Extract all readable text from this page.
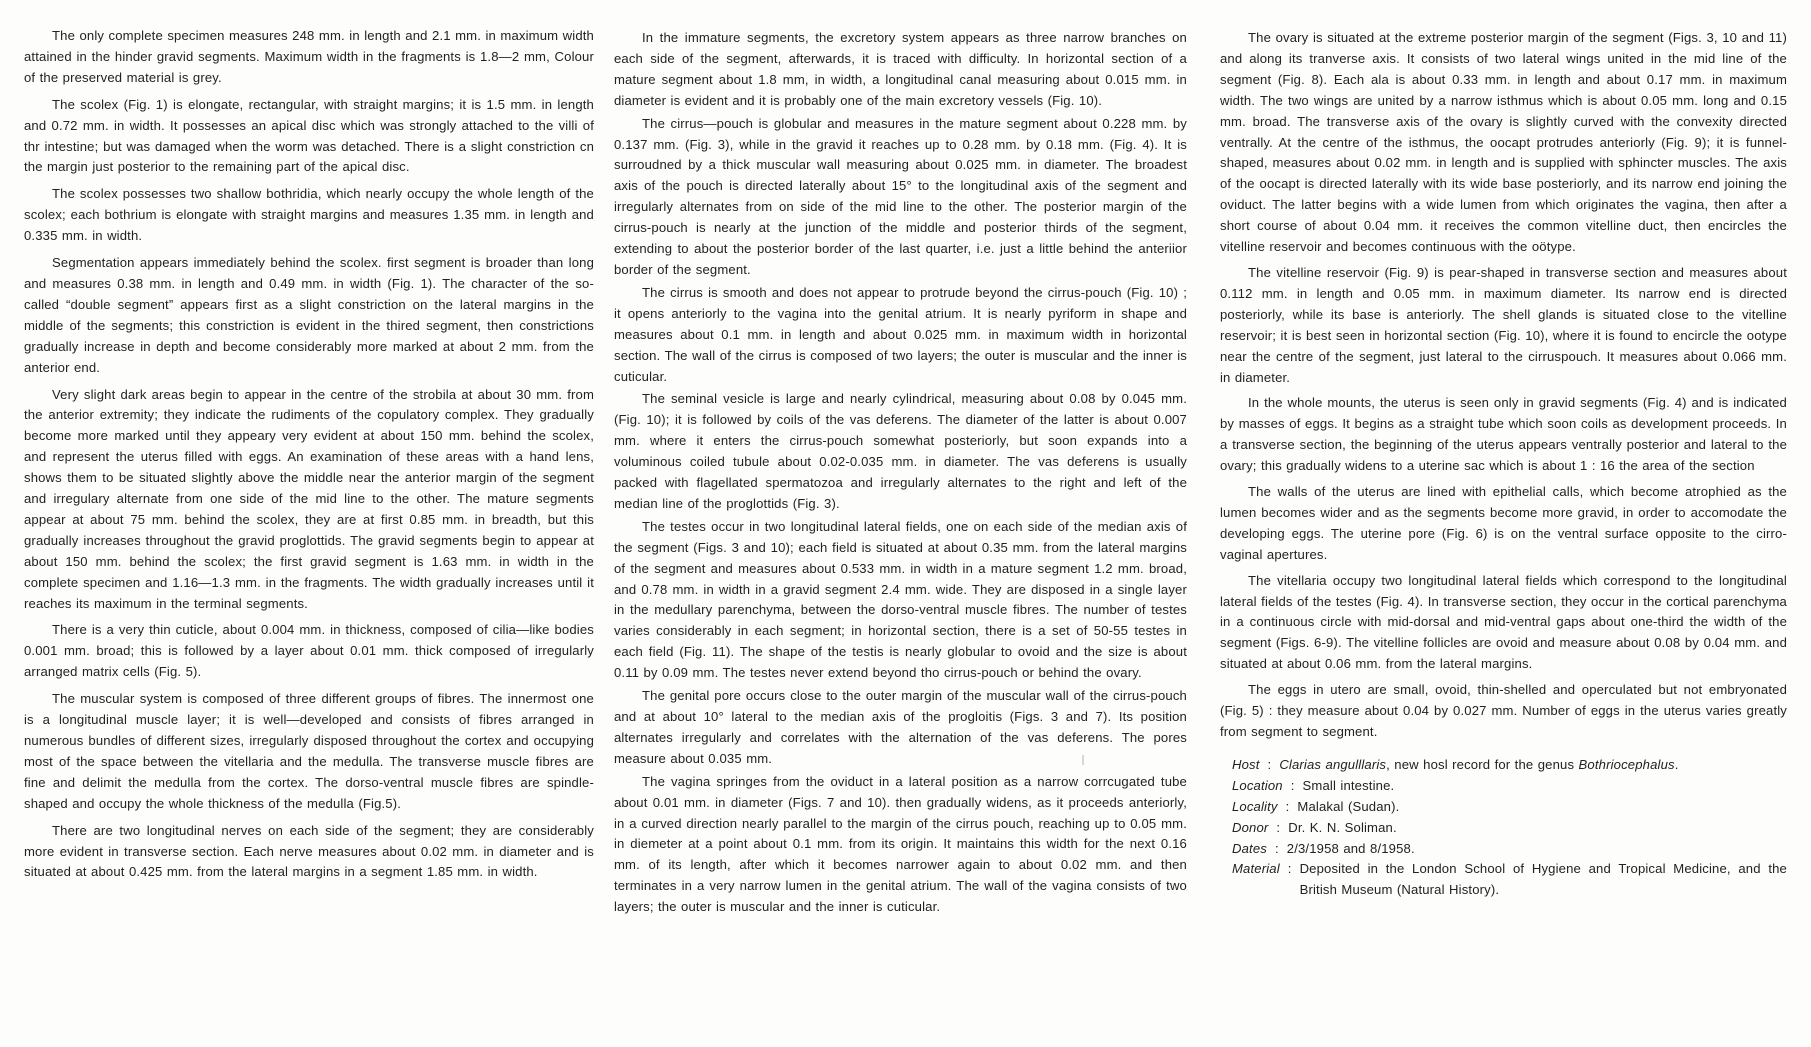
The only complete specimen measures 248 mm. in length and 2.1 mm. in maximum width attained in the hinder gravid segments. Maximum width in the fragments is 1.8—2 mm, Colour of the preserved material is grey.

The scolex (Fig. 1) is elongate, rectangular, with straight margins; it is 1.5 mm. in length and 0.72 mm. in width. It possesses an apical disc which was strongly attached to the villi of thr intestine; but was damaged when the worm was detached. There is a slight constriction cn the margin just posterior to the remaining part of the apical disc.

The scolex possesses two shallow bothridia, which nearly occupy the whole length of the scolex; each bothrium is elongate with straight margins and measures 1.35 mm. in length and 0.335 mm. in width.

Segmentation appears immediately behind the scolex. first segment is broader than long and measures 0.38 mm. in length and 0.49 mm. in width (Fig. 1). The character of the so-called “double segment” appears first as a slight constriction on the lateral margins in the middle of the segments; this constriction is evident in the thired segment, then constrictions gradually increase in depth and become considerably more marked at about 2 mm. from the anterior end.

Very slight dark areas begin to appear in the centre of the strobila at about 30 mm. from the anterior extremity; they indicate the rudiments of the copulatory complex. They gradually become more marked until they appeary very evident at about 150 mm. behind the scolex, and represent the uterus filled with eggs. An examination of these areas with a hand lens, shows them to be situated slightly above the middle near the anterior margin of the segment and irregulary alternate from one side of the mid line to the other. The mature segments appear at about 75 mm. behind the scolex, they are at first 0.85 mm. in breadth, but this gradually increases throughout the gravid proglottids. The gravid segments begin to appear at about 150 mm. behind the scolex; the first gravid segment is 1.63 mm. in width in the complete specimen and 1.16—1.3 mm. in the fragments. The width gradually increases until it reaches its maximum in the terminal segments.

There is a very thin cuticle, about 0.004 mm. in thickness, composed of cilia—like bodies 0.001 mm. broad; this is followed by a layer about 0.01 mm. thick composed of irregularly arranged matrix cells (Fig. 5).

The muscular system is composed of three different groups of fibres. The innermost one is a longitudinal muscle layer; it is well—developed and consists of fibres arranged in numerous bundles of different sizes, irregularly disposed throughout the cortex and occupying most of the space between the vitellaria and the medulla. The transverse muscle fibres are fine and delimit the medulla from the cortex. The dorso-ventral muscle fibres are spindle-shaped and occupy the whole thickness of the medulla (Fig.5).

There are two longitudinal nerves on each side of the segment; they are considerably more evident in transverse section. Each nerve measures about 0.02 mm. in diameter and is situated at about 0.425 mm. from the lateral margins in a segment 1.85 mm. in width.

In the immature segments, the excretory system appears as three narrow branches on each side of the segment, afterwards, it is traced with difficulty. In horizontal section of a mature segment about 1.8 mm, in width, a longitudinal canal measuring about 0.015 mm. in diameter is evident and it is probably one of the main excretory vessels (Fig. 10).

The cirrus—pouch is globular and measures in the mature segment about 0.228 mm. by 0.137 mm. (Fig. 3), while in the gravid it reaches up to 0.28 mm. by 0.18 mm. (Fig. 4). It is surroudned by a thick muscular wall measuring about 0.025 mm. in diameter. The broadest axis of the pouch is directed laterally about 15° to the longitudinal axis of the segment and irregularly alternates from on side of the mid line to the other. The posterior margin of the cirrus-pouch is nearly at the junction of the middle and posterior thirds of the segment, extending to about the posterior border of the last quarter, i.e. just a little behind the anteriior border of the segment.

The cirrus is smooth and does not appear to protrude beyond the cirrus-pouch (Fig. 10) ; it opens anteriorly to the vagina into the genital atrium. It is nearly pyriform in shape and measures about 0.1 mm. in length and about 0.025 mm. in maximum width in horizontal section. The wall of the cirrus is composed of two layers; the outer is muscular and the inner is cuticular.

The seminal vesicle is large and nearly cylindrical, measuring about 0.08 by 0.045 mm. (Fig. 10); it is followed by coils of the vas deferens. The diameter of the latter is about 0.007 mm. where it enters the cirrus-pouch somewhat posteriorly, but soon expands into a voluminous coiled tubule about 0.02-0.035 mm. in diameter. The vas deferens is usually packed with flagellated spermatozoa and irregularly alternates to the right and left of the median line of the proglottids (Fig. 3).

The testes occur in two longitudinal lateral fields, one on each side of the median axis of the segment (Figs. 3 and 10); each field is situated at about 0.35 mm. from the lateral margins of the segment and measures about 0.533 mm. in width in a mature segment 1.2 mm. broad, and 0.78 mm. in width in a gravid segment 2.4 mm. wide. They are disposed in a single layer in the medullary parenchyma, between the dorso-ventral muscle fibres. The number of testes varies considerably in each segment; in horizontal section, there is a set of 50-55 testes in each field (Fig. 11). The shape of the testis is nearly globular to ovoid and the size is about 0.11 by 0.09 mm. The testes never extend beyond tho cirrus-pouch or behind the ovary.

The genital pore occurs close to the outer margin of the muscular wall of the cirrus-pouch and at about 10° lateral to the median axis of the progloitis (Figs. 3 and 7). Its position alternates irregularly and correlates with the alternation of the vas deferens. The pores measure about 0.035 mm.

The vagina springes from the oviduct in a lateral position as a narrow corrcugated tube about 0.01 mm. in diameter (Figs. 7 and 10). then gradually widens, as it proceeds anteriorly, in a curved direction nearly parallel to the margin of the cirrus pouch, reaching up to 0.05 mm. in diemeter at a point about 0.1 mm. from its origin. It maintains this width for the next 0.16 mm. of its length, after which it becomes narrower again to about 0.02 mm. and then terminates in a very narrow lumen in the genital atrium. The wall of the vagina consists of two layers; the outer is muscular and the inner is cuticular.

The ovary is situated at the extreme posterior margin of the segment (Figs. 3, 10 and 11) and along its tranverse axis. It consists of two lateral wings united in the mid line of the segment (Fig. 8). Each ala is about 0.33 mm. in length and about 0.17 mm. in maximum width. The two wings are united by a narrow isthmus which is about 0.05 mm. long and 0.15 mm. broad. The transverse axis of the ovary is slightly curved with the convexity directed ventrally. At the centre of the isthmus, the oocapt protrudes anteriorly (Fig. 9); it is funnel-shaped, measures about 0.02 mm. in length and is supplied with sphincter muscles. The axis of the oocapt is directed laterally with its wide base posteriorly, and its narrow end joining the oviduct. The latter begins with a wide lumen from which originates the vagina, then after a short course of about 0.04 mm. it receives the common vitelline duct, then encircles the vitelline reservoir and becomes continuous with the oötype.

The vitelline reservoir (Fig. 9) is pear-shaped in transverse section and measures about 0.112 mm. in length and 0.05 mm. in maximum diameter. Its narrow end is directed posteriorly, while its base is anteriorly. The shell glands is situated close to the vitelline reservoir; it is best seen in horizontal section (Fig. 10), where it is found to encircle the ootype near the centre of the segment, just lateral to the cirruspouch. It measures about 0.066 mm. in diameter.

In the whole mounts, the uterus is seen only in gravid segments (Fig. 4) and is indicated by masses of eggs. It begins as a straight tube which soon coils as development proceeds. In a transverse section, the beginning of the uterus appears ventrally posterior and lateral to the ovary; this gradually widens to a uterine sac which is about 1 : 16 the area of the section

The walls of the uterus are lined with epithelial calls, which become atrophied as the lumen becomes wider and as the segments become more gravid, in order to accomodate the developing eggs. The uterine pore (Fig. 6) is on the ventral surface opposite to the cirro- vaginal apertures.

The vitellaria occupy two longitudinal lateral fields which correspond to the longitudinal lateral fields of the testes (Fig. 4). In transverse section, they occur in the cortical parenchyma in a continuous circle with mid-dorsal and mid-ventral gaps about one-third the width of the segment (Figs. 6-9). The vitelline follicles are ovoid and measure about 0.08 by 0.04 mm. and situated at about 0.06 mm. from the lateral margins.

The eggs in utero are small, ovoid, thin-shelled and operculated but not embryonated (Fig. 5) : they measure about 0.04 by 0.027 mm. Number of eggs in the uterus varies greatly from segment to segment.

Host : Clarias angulllaris, new hosl record for the genus Bothriocephalus.
Location : Small intestine.
Locality : Malakal (Sudan).
Donor : Dr. K. N. Soliman.
Dates : 2/3/1958 and 8/1958.
Material : Deposited in the London School of Hygiene and Tropical Medicine, and the British Museum (Natural History).
